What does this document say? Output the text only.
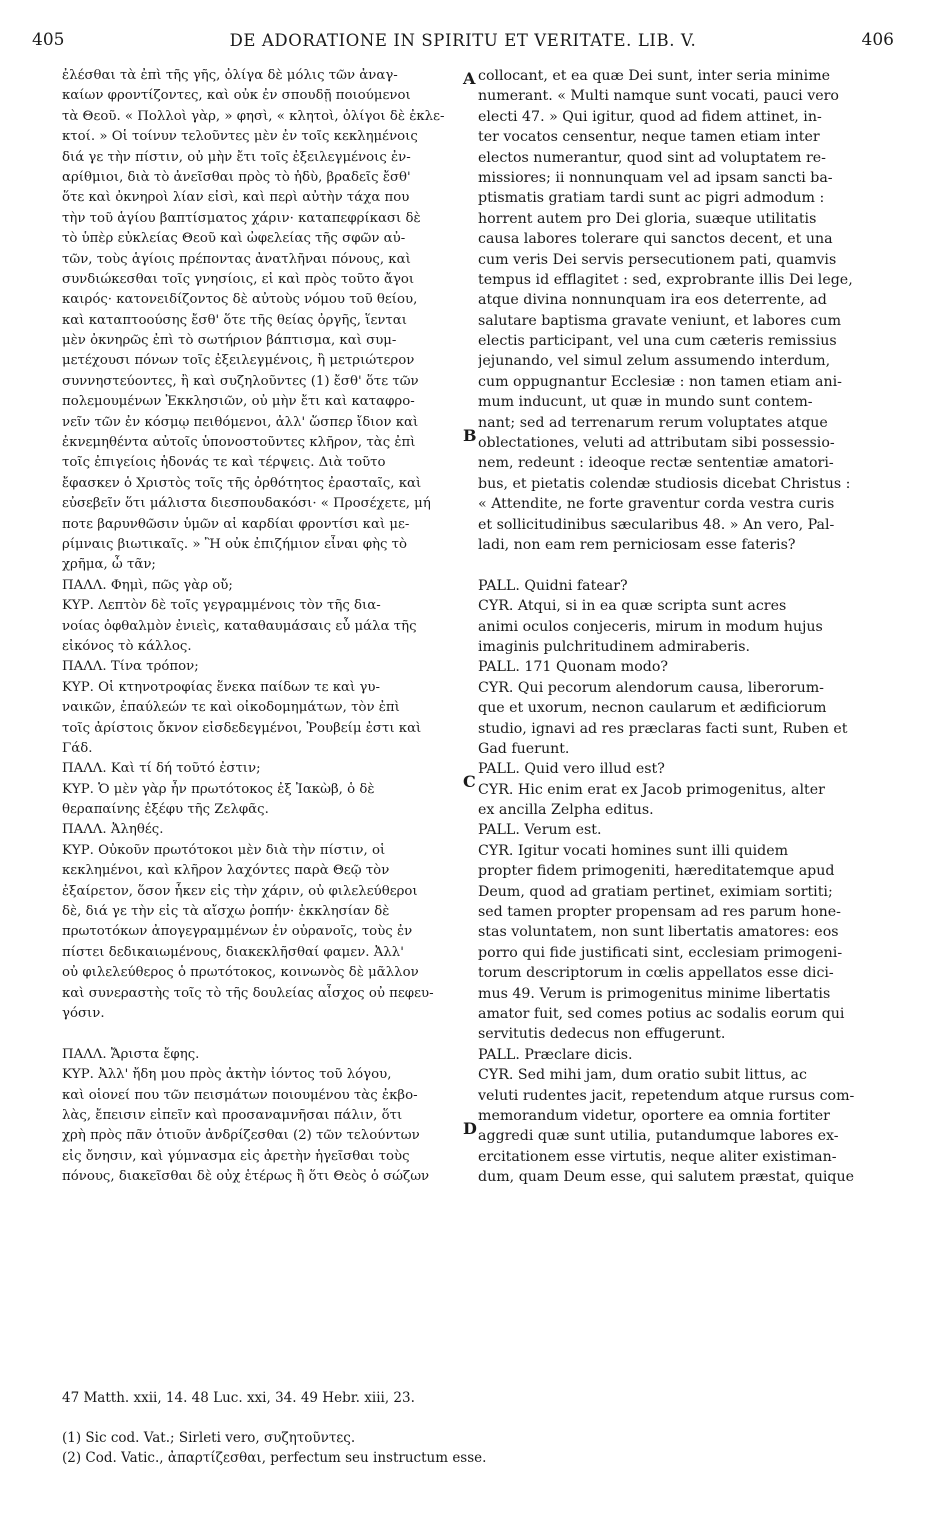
405	DE ADORATIONE IN SPIRITU ET VERITATE. LIB. V.	406
ἐλέσθαι τὰ ἐπὶ τῆς γῆς, ὀλίγα δὲ μόλις τῶν ἀναγ-
καίων φροντίζοντες, καὶ οὐκ ἐν σπουδῇ ποιούμενοι
τὰ Θεοῦ. « Πολλοὶ γὰρ, » φησὶ, « κλητοὶ, ὀλίγοι δὲ ἐκλε-
κτοί. » Οἱ τοίνυν τελοῦντες μὲν ἐν τοῖς κεκλημένοις
διά γε τὴν πίστιν, οὐ μὴν ἔτι τοῖς ἐξειλεγμένοις ἐν-
αρίθμιοι, διὰ τὸ ἀνεῖσθαι πρὸς τὸ ἡδὺ, βραδεῖς ἔσθ'
ὅτε καὶ ὀκνηροὶ λίαν εἰσὶ, καὶ περὶ αὐτὴν τάχα που
τὴν τοῦ ἁγίου βαπτίσματος χάριν· καταπεφρίκασι δὲ
τὸ ὑπὲρ εὐκλείας Θεοῦ καὶ ὠφελείας τῆς σφῶν αὐ-
τῶν, τοὺς ἁγίοις πρέποντας ἀνατλῆναι πόνους, καὶ
συνδιώκεσθαι τοῖς γνησίοις, εἰ καὶ πρὸς τοῦτο ἄγοι
καιρός· κατονειδίζοντος δὲ αὐτοὺς νόμου τοῦ θείου,
καὶ καταπτοούσης ἔσθ' ὅτε τῆς θείας ὀργῆς, ἵενται
μὲν ὀκνηρῶς ἐπὶ τὸ σωτήριον βάπτισμα, καὶ συμ-
μετέχουσι πόνων τοῖς ἐξειλεγμένοις, ἢ μετριώτερον
συννηστεύοντες, ἢ καὶ συζηλοῦντες (1) ἔσθ' ὅτε τῶν
πολεμουμένων Ἐκκλησιῶν, οὐ μὴν ἔτι καὶ καταφρο-
νεῖν τῶν ἐν κόσμῳ πειθόμενοι, ἀλλ' ὥσπερ ἴδιον καὶ
ἐκνεμηθέντα αὐτοῖς ὑπονοστοῦντες κλῆρον, τὰς ἐπὶ
τοῖς ἐπιγείοις ἡδονάς τε καὶ τέρψεις. Διὰ τοῦτο
ἔφασκεν ὁ Χριστὸς τοῖς τῆς ὀρθότητος ἐρασταῖς, καὶ
εὐσεβεῖν ὅτι μάλιστα διεσπουδακόσι· « Προσέχετε, μή
ποτε βαρυνθῶσιν ὑμῶν αἱ καρδίαι φροντίσι καὶ με-
ρίμναις βιωτικαῖς. » Ἢ οὐκ ἐπιζήμιον εἶναι φὴς τὸ
χρῆμα, ὦ τᾶν;
ΠΑΛΛ. Φημὶ, πῶς γὰρ οὔ;
ΚΥΡ. Λεπτὸν δὲ τοῖς γεγραμμένοις τὸν τῆς δια-
νοίας ὀφθαλμὸν ἐνιεὶς, καταθαυμάσαις εὖ μάλα τῆς
εἰκόνος τὸ κάλλος.
ΠΑΛΛ. Τίνα τρόπον;
ΚΥΡ. Οἱ κτηνοτροφίας ἕνεκα παίδων τε καὶ γυ-
ναικῶν, ἐπαύλεών τε καὶ οἰκοδομημάτων, τὸν ἐπὶ
τοῖς ἀρίστοις ὄκνον εἰσδεδεγμένοι, Ῥουβείμ ἐστι καὶ
Γάδ.
ΠΑΛΛ. Καὶ τί δή τοῦτό ἐστιν;
ΚΥΡ. Ὁ μὲν γὰρ ἦν πρωτότοκος ἐξ Ἰακὼβ, ὁ δὲ
θεραπαίνης ἐξέφυ τῆς Ζελφᾶς.
ΠΑΛΛ. Ἀληθές.
ΚΥΡ. Οὐκοῦν πρωτότοκοι μὲν διὰ τὴν πίστιν, οἱ
κεκλημένοι, καὶ κλῆρον λαχόντες παρὰ Θεῷ τὸν
ἐξαίρετον, ὅσον ἧκεν εἰς τὴν χάριν, οὐ φιλελεύθεροι
δὲ, διά γε τὴν εἰς τὰ αἴσχω ῥοπήν· ἐκκλησίαν δὲ
πρωτοτόκων ἀπογεγραμμένων ἐν οὐρανοῖς, τοὺς ἐν
πίστει δεδικαιωμένους, διακεκλῆσθαί φαμεν. Ἀλλ'
οὐ φιλελεύθερος ὁ πρωτότοκος, κοινωνὸς δὲ μᾶλλον
καὶ συνεραστὴς τοῖς τὸ τῆς δουλείας αἶσχος οὐ πεφευ-
γόσιν.
ΠΑΛΛ. Ἄριστα ἔφης.
ΚΥΡ. Ἀλλ' ἤδη μου πρὸς ἀκτὴν ἰόντος τοῦ λόγου,
καὶ οἱονεί που τῶν πεισμάτων ποιουμένου τὰς ἐκβο-
λὰς, ἔπεισιν εἰπεῖν καὶ προσαναμνῆσαι πάλιν, ὅτι
χρὴ πρὸς πᾶν ὁτιοῦν ἀνδρίζεσθαι (2) τῶν τελούντων
εἰς ὄνησιν, καὶ γύμνασμα εἰς ἀρετὴν ἡγεῖσθαι τοὺς
πόνους, διακεῖσθαι δὲ οὐχ ἑτέρως ἢ ὅτι Θεὸς ὁ σώζων
collocant, et ea quæ Dei sunt, inter seria minime
numerant. « Multi namque sunt vocati, pauci vero
electi 47. » Qui igitur, quod ad fidem attinet, in-
ter vocatos censentur, neque tamen etiam inter
electos numerantur, quod sint ad voluptatem re-
missiores; ii nonnunquam vel ad ipsam sancti ba-
ptismatis gratiam tardi sunt ac pigri admodum :
horrent autem pro Dei gloria, suæque utilitatis
causa labores tolerare qui sanctos decent, et una
cum veris Dei servis persecutionem pati, quamvis
tempus id efflagitet : sed, exprobrante illis Dei lege,
atque divina nonnunquam ira eos deterrente, ad
salutare baptisma gravate veniunt, et labores cum
electis participant, vel una cum cæteris remissius
jejunando, vel simul zelum assumendo interdum,
cum oppugnantur Ecclesiæ : non tamen etiam ani-
mum inducunt, ut quæ in mundo sunt contem-
nant; sed ad terrenarum rerum voluptates atque
oblectationes, veluti ad attributam sibi possessio-
nem, redeunt : ideoque rectæ sententiæ amatori-
bus, et pietatis colendæ studiosis dicebat Christus :
« Attendite, ne forte graventur corda vestra curis
et sollicitudinibus sæcularibus 48. » An vero, Pal-
ladi, non eam rem perniciosam esse fateris?
PALL. Quidni fatear?
CYR. Atqui, si in ea quæ scripta sunt acres
animi oculos conjeceris, mirum in modum hujus
imaginis pulchritudinem admiraberis.
PALL. 171 Quonam modo?
CYR. Qui pecorum alendorum causa, liberorum-
que et uxorum, necnon caularum et ædificiorum
studio, ignavi ad res præclaras facti sunt, Ruben et
Gad fuerunt.
PALL. Quid vero illud est?
CYR. Hic enim erat ex Jacob primogenitus, alter
ex ancilla Zelpha editus.
PALL. Verum est.
CYR. Igitur vocati homines sunt illi quidem
propter fidem primogeniti, hæreditatemque apud
Deum, quod ad gratiam pertinet, eximiam sortiti;
sed tamen propter propensam ad res parum hone-
stas voluntatem, non sunt libertatis amatores: eos
porro qui fide justificati sint, ecclesiam primogeni-
torum descriptorum in cœlis appellatos esse dici-
mus 49. Verum is primogenitus minime libertatis
amator fuit, sed comes potius ac sodalis eorum qui
servitutis dedecus non effugerunt.
PALL. Præclare dicis.
CYR. Sed mihi jam, dum oratio subit littus, ac
veluti rudentes jacit, repetendum atque rursus com-
memorandum videtur, oportere ea omnia fortiter
aggredi quæ sunt utilia, putandumque labores ex-
ercitationem esse virtutis, neque aliter existiman-
dum, quam Deum esse, qui salutem præstat, quique
A
B
C
D
47 Matth. xxii, 14. 48 Luc. xxi, 34. 49 Hebr. xiii, 23.
(1) Sic cod. Vat.; Sirleti vero, συζητοῦντες.
(2) Cod. Vatic., ἀπαρτίζεσθαι, perfectum seu instructum esse.
